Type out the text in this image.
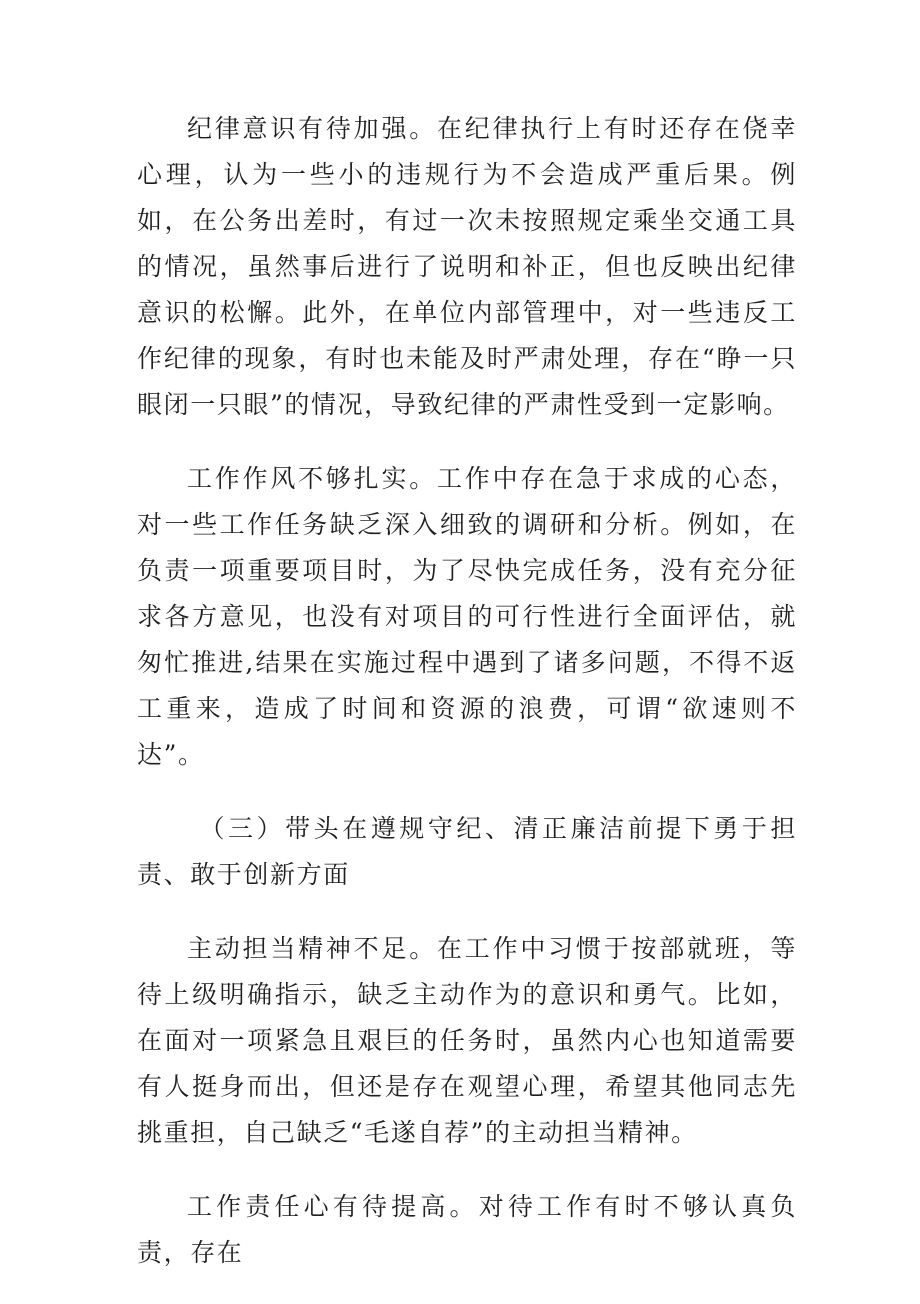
纪律意识有待加强。在纪律执行上有时还存在侥幸心理，认为一些小的违规行为不会造成严重后果。例如，在公务出差时，有过一次未按照规定乘坐交通工具的情况，虽然事后进行了说明和补正，但也反映出纪律意识的松懈。此外，在单位内部管理中，对一些违反工作纪律的现象，有时也未能及时严肃处理，存在“睁一只眼闭一只眼”的情况，导致纪律的严肃性受到一定影响。

工作作风不够扎实。工作中存在急于求成的心态，对一些工作任务缺乏深入细致的调研和分析。例如，在负责一项重要项目时，为了尽快完成任务，没有充分征求各方意见，也没有对项目的可行性进行全面评估，就匆忙推进,结果在实施过程中遇到了诸多问题，不得不返工重来，造成了时间和资源的浪费，可谓“欲速则不达”。

（三）带头在遵规守纪、清正廉洁前提下勇于担责、敢于创新方面

主动担当精神不足。在工作中习惯于按部就班，等待上级明确指示，缺乏主动作为的意识和勇气。比如，在面对一项紧急且艰巨的任务时，虽然内心也知道需要有人挺身而出，但还是存在观望心理，希望其他同志先挑重担，自己缺乏“毛遂自荐”的主动担当精神。

工作责任心有待提高。对待工作有时不够认真负责，存在
